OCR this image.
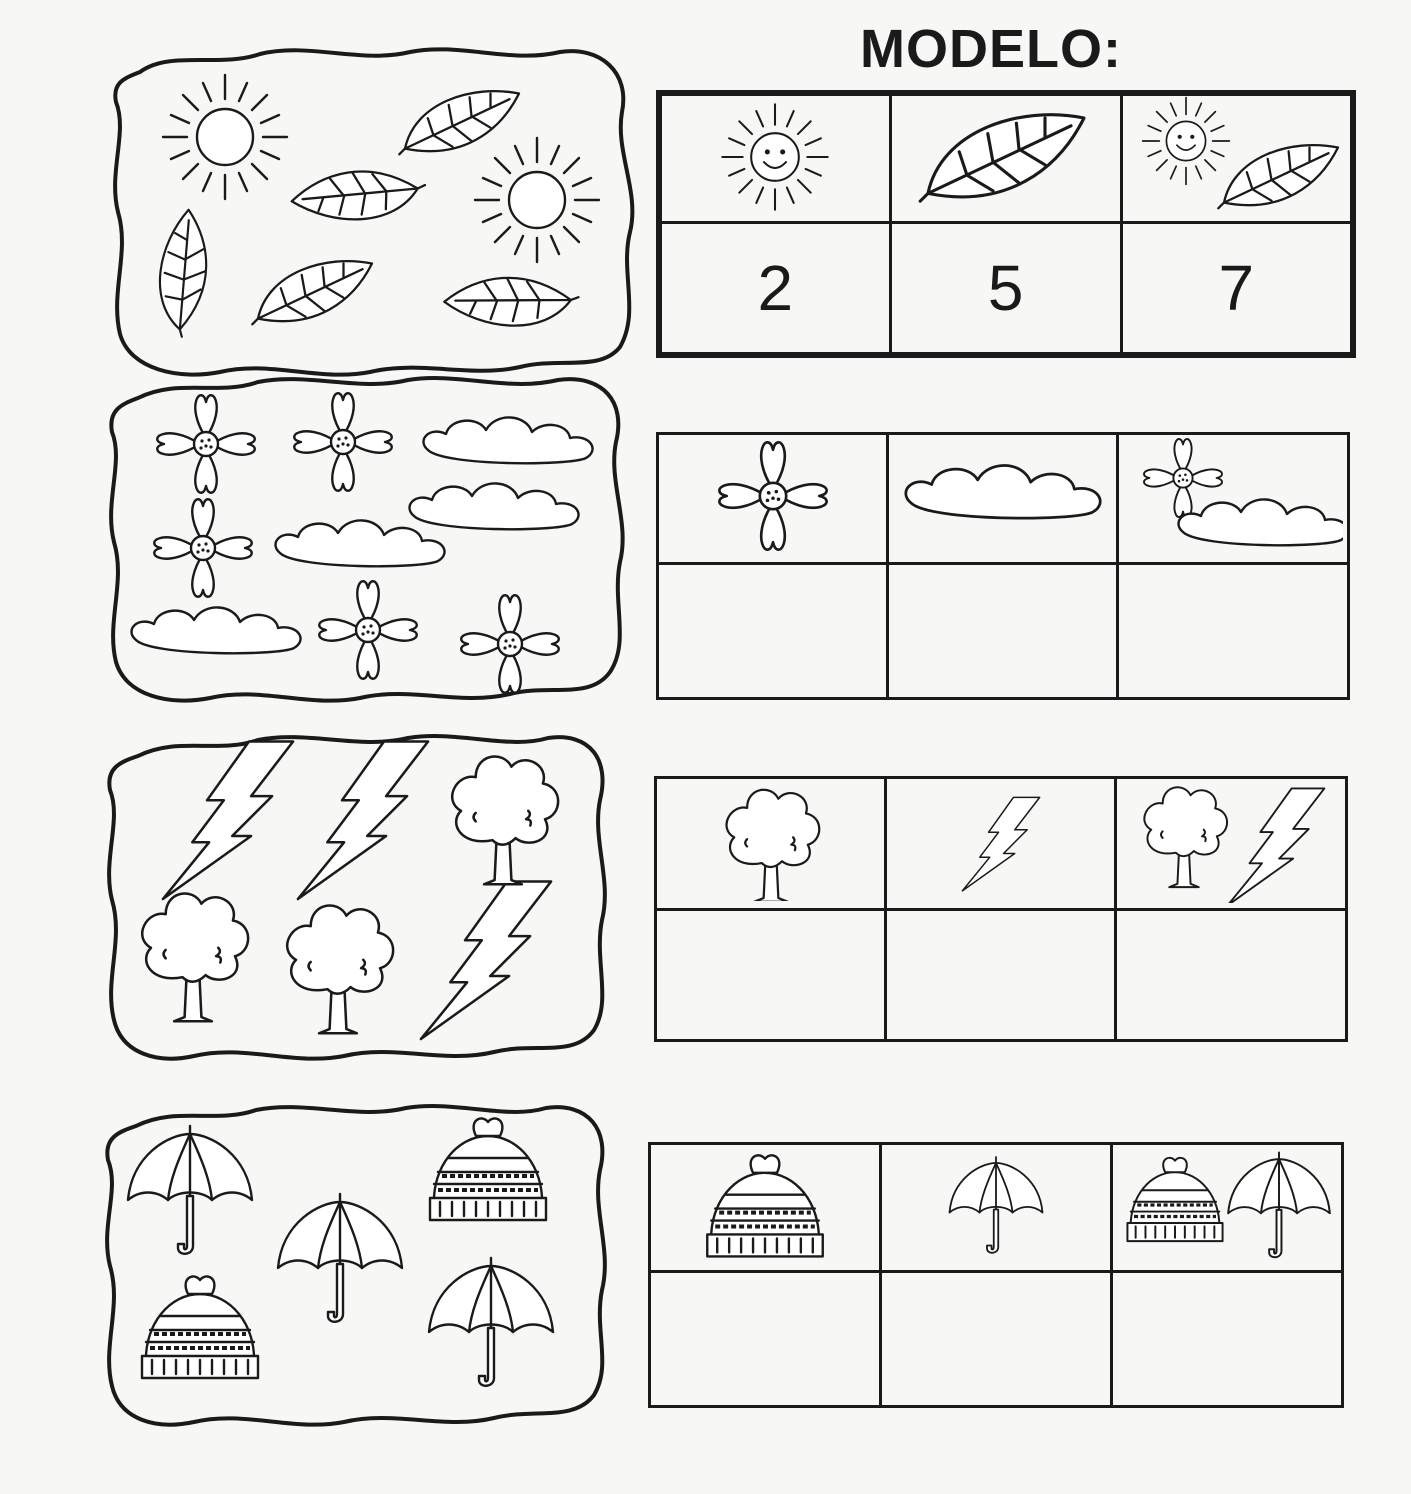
MODELO:

2	5	7
